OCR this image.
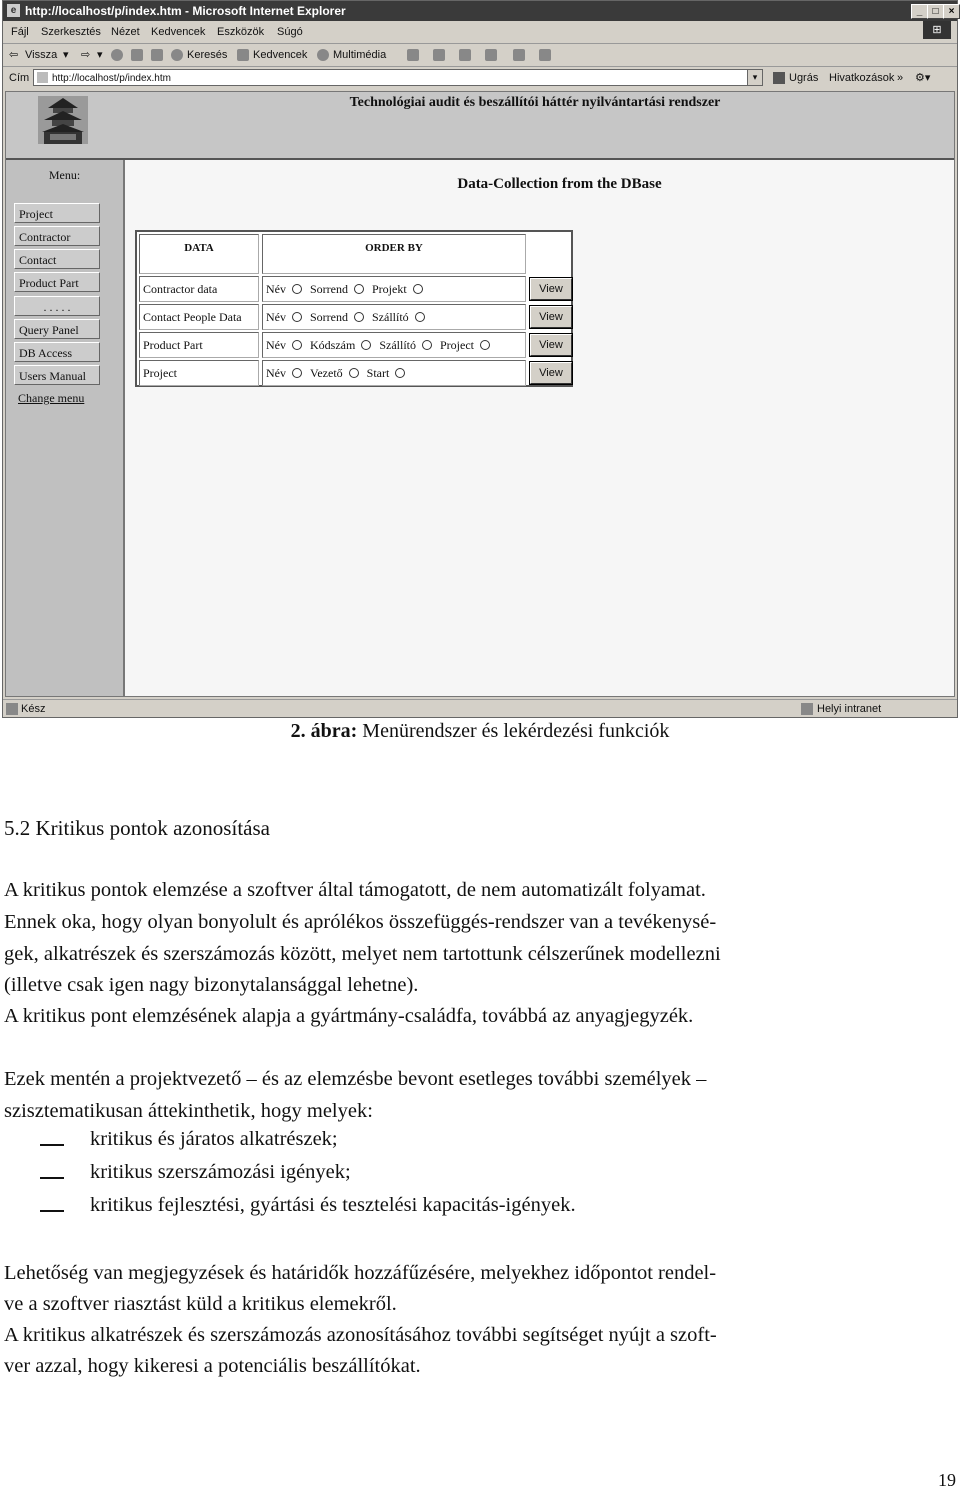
e http://localhost/p/index.htm - Microsoft Internet Explorer	_	□	×
Fájl Szerkesztés Nézet Kedvencek Eszközök Súgó	⊞
⇦ Vissza ▾ ⇨ ▾	Keresés Kedvencek Multimédia
Cím	http://localhost/p/index.htm	▾	Ugrás Hivatkozások » ⚙▾
Technológiai audit és beszállítói háttér nyilvántartási rendszer
Menu:
Project
Contractor
Contact
Product Part
. . . . .
Query Panel
DB Access
Users Manual
Change menu
Data-Collection from the DBase
DATA	ORDER BY
Contractor data	Név Sorrend Projekt	View
Contact People Data	Név Sorrend Szállító	View
Product Part	Név Kódszám Szállító Project	View
Project	Név Vezető Start	View
Kész	Helyi intranet
2. ábra: Menürendszer és lekérdezési funkciók
5.2 Kritikus pontok azonosítása
A kritikus pontok elemzése a szoftver által támogatott, de nem automatizált folyamat.
Ennek oka, hogy olyan bonyolult és aprólékos összefüggés-rendszer van a tevékenysé-
gek, alkatrészek és szerszámozás között, melyet nem tartottunk célszerűnek modellezni
(illetve csak igen nagy bizonytalansággal lehetne).
A kritikus pont elemzésének alapja a gyártmány-családfa, továbbá az anyagjegyzék.
Ezek mentén a projektvezető – és az elemzésbe bevont esetleges további személyek –
szisztematikusan áttekinthetik, hogy melyek:
kritikus és járatos alkatrészek;
kritikus szerszámozási igények;
kritikus fejlesztési, gyártási és tesztelési kapacitás-igények.
Lehetőség van megjegyzések és határidők hozzáfűzésére, melyekhez időpontot rendel-
ve a szoftver riasztást küld a kritikus elemekről.
A kritikus alkatrészek és szerszámozás azonosításához további segítséget nyújt a szoft-
ver azzal, hogy kikeresi a potenciális beszállítókat.
19
